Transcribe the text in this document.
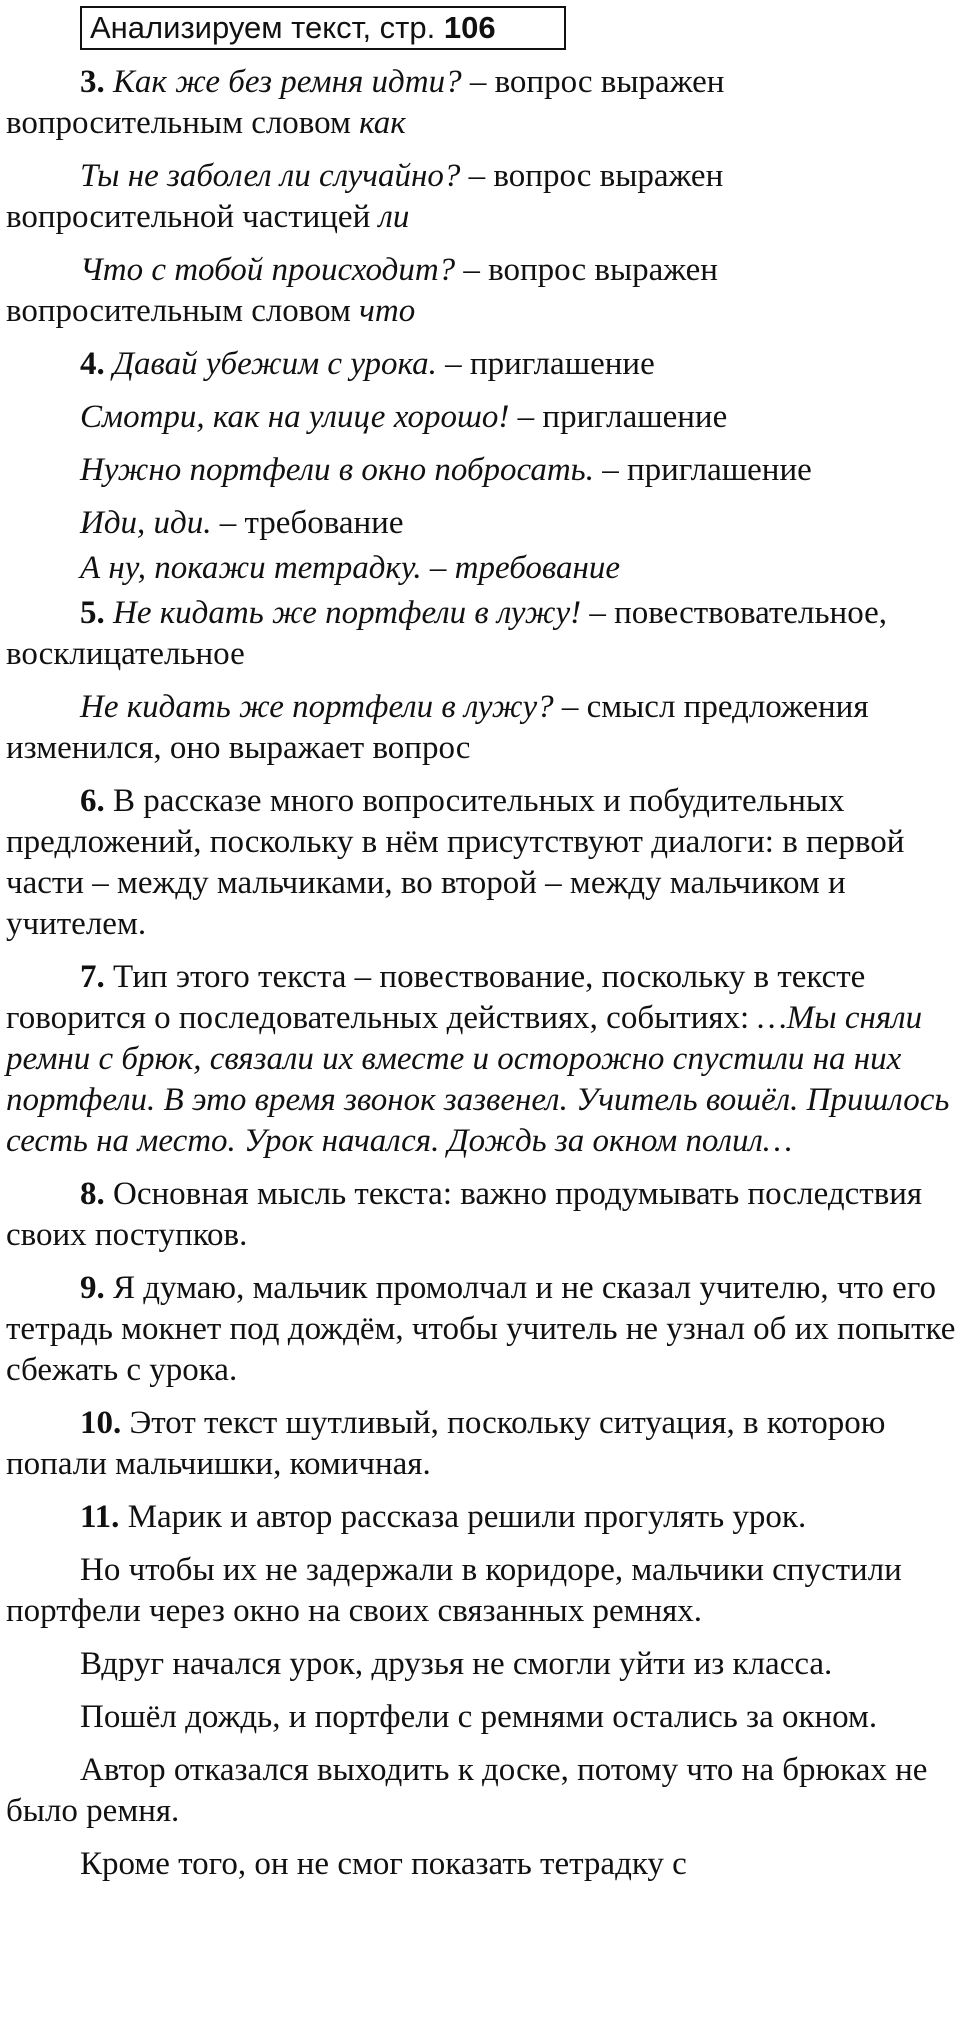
Анализируем текст, стр. 106

3. Как же без ремня идти? – вопрос выражен вопросительным словом как

Ты не заболел ли случайно? – вопрос выражен вопросительной частицей ли

Что с тобой происходит? – вопрос выражен вопросительным словом что

4. Давай убежим с урока. – приглашение

Смотри, как на улице хорошо! – приглашение

Нужно портфели в окно побросать. – приглашение

Иди, иди. – требование

А ну, покажи тетрадку. – требование

5. Не кидать же портфели в лужу! – повествовательное, восклицательное

Не кидать же портфели в лужу? – смысл предложения изменился, оно выражает вопрос

6. В рассказе много вопросительных и побудительных предложений, поскольку в нём присутствуют диалоги: в первой части – между мальчиками, во второй – между мальчиком и учителем.

7. Тип этого текста – повествование, поскольку в тексте говорится о последовательных действиях, событиях: …Мы сняли ремни с брюк, связали их вместе и осторожно спустили на них портфели. В это время звонок зазвенел. Учитель вошёл. Пришлось сесть на место. Урок начался. Дождь за окном полил…

8. Основная мысль текста: важно продумывать последствия своих поступков.

9. Я думаю, мальчик промолчал и не сказал учителю, что его тетрадь мокнет под дождём, чтобы учитель не узнал об их попытке сбежать с урока.

10. Этот текст шутливый, поскольку ситуация, в которою попали мальчишки, комичная.

11. Марик и автор рассказа решили прогулять урок.

Но чтобы их не задержали в коридоре, мальчики спустили портфели через окно на своих связанных ремнях.

Вдруг начался урок, друзья не смогли уйти из класса.

Пошёл дождь, и портфели с ремнями остались за окном.

Автор отказался выходить к доске, потому что на брюках не было ремня.

Кроме того, он не смог показать тетрадку с
